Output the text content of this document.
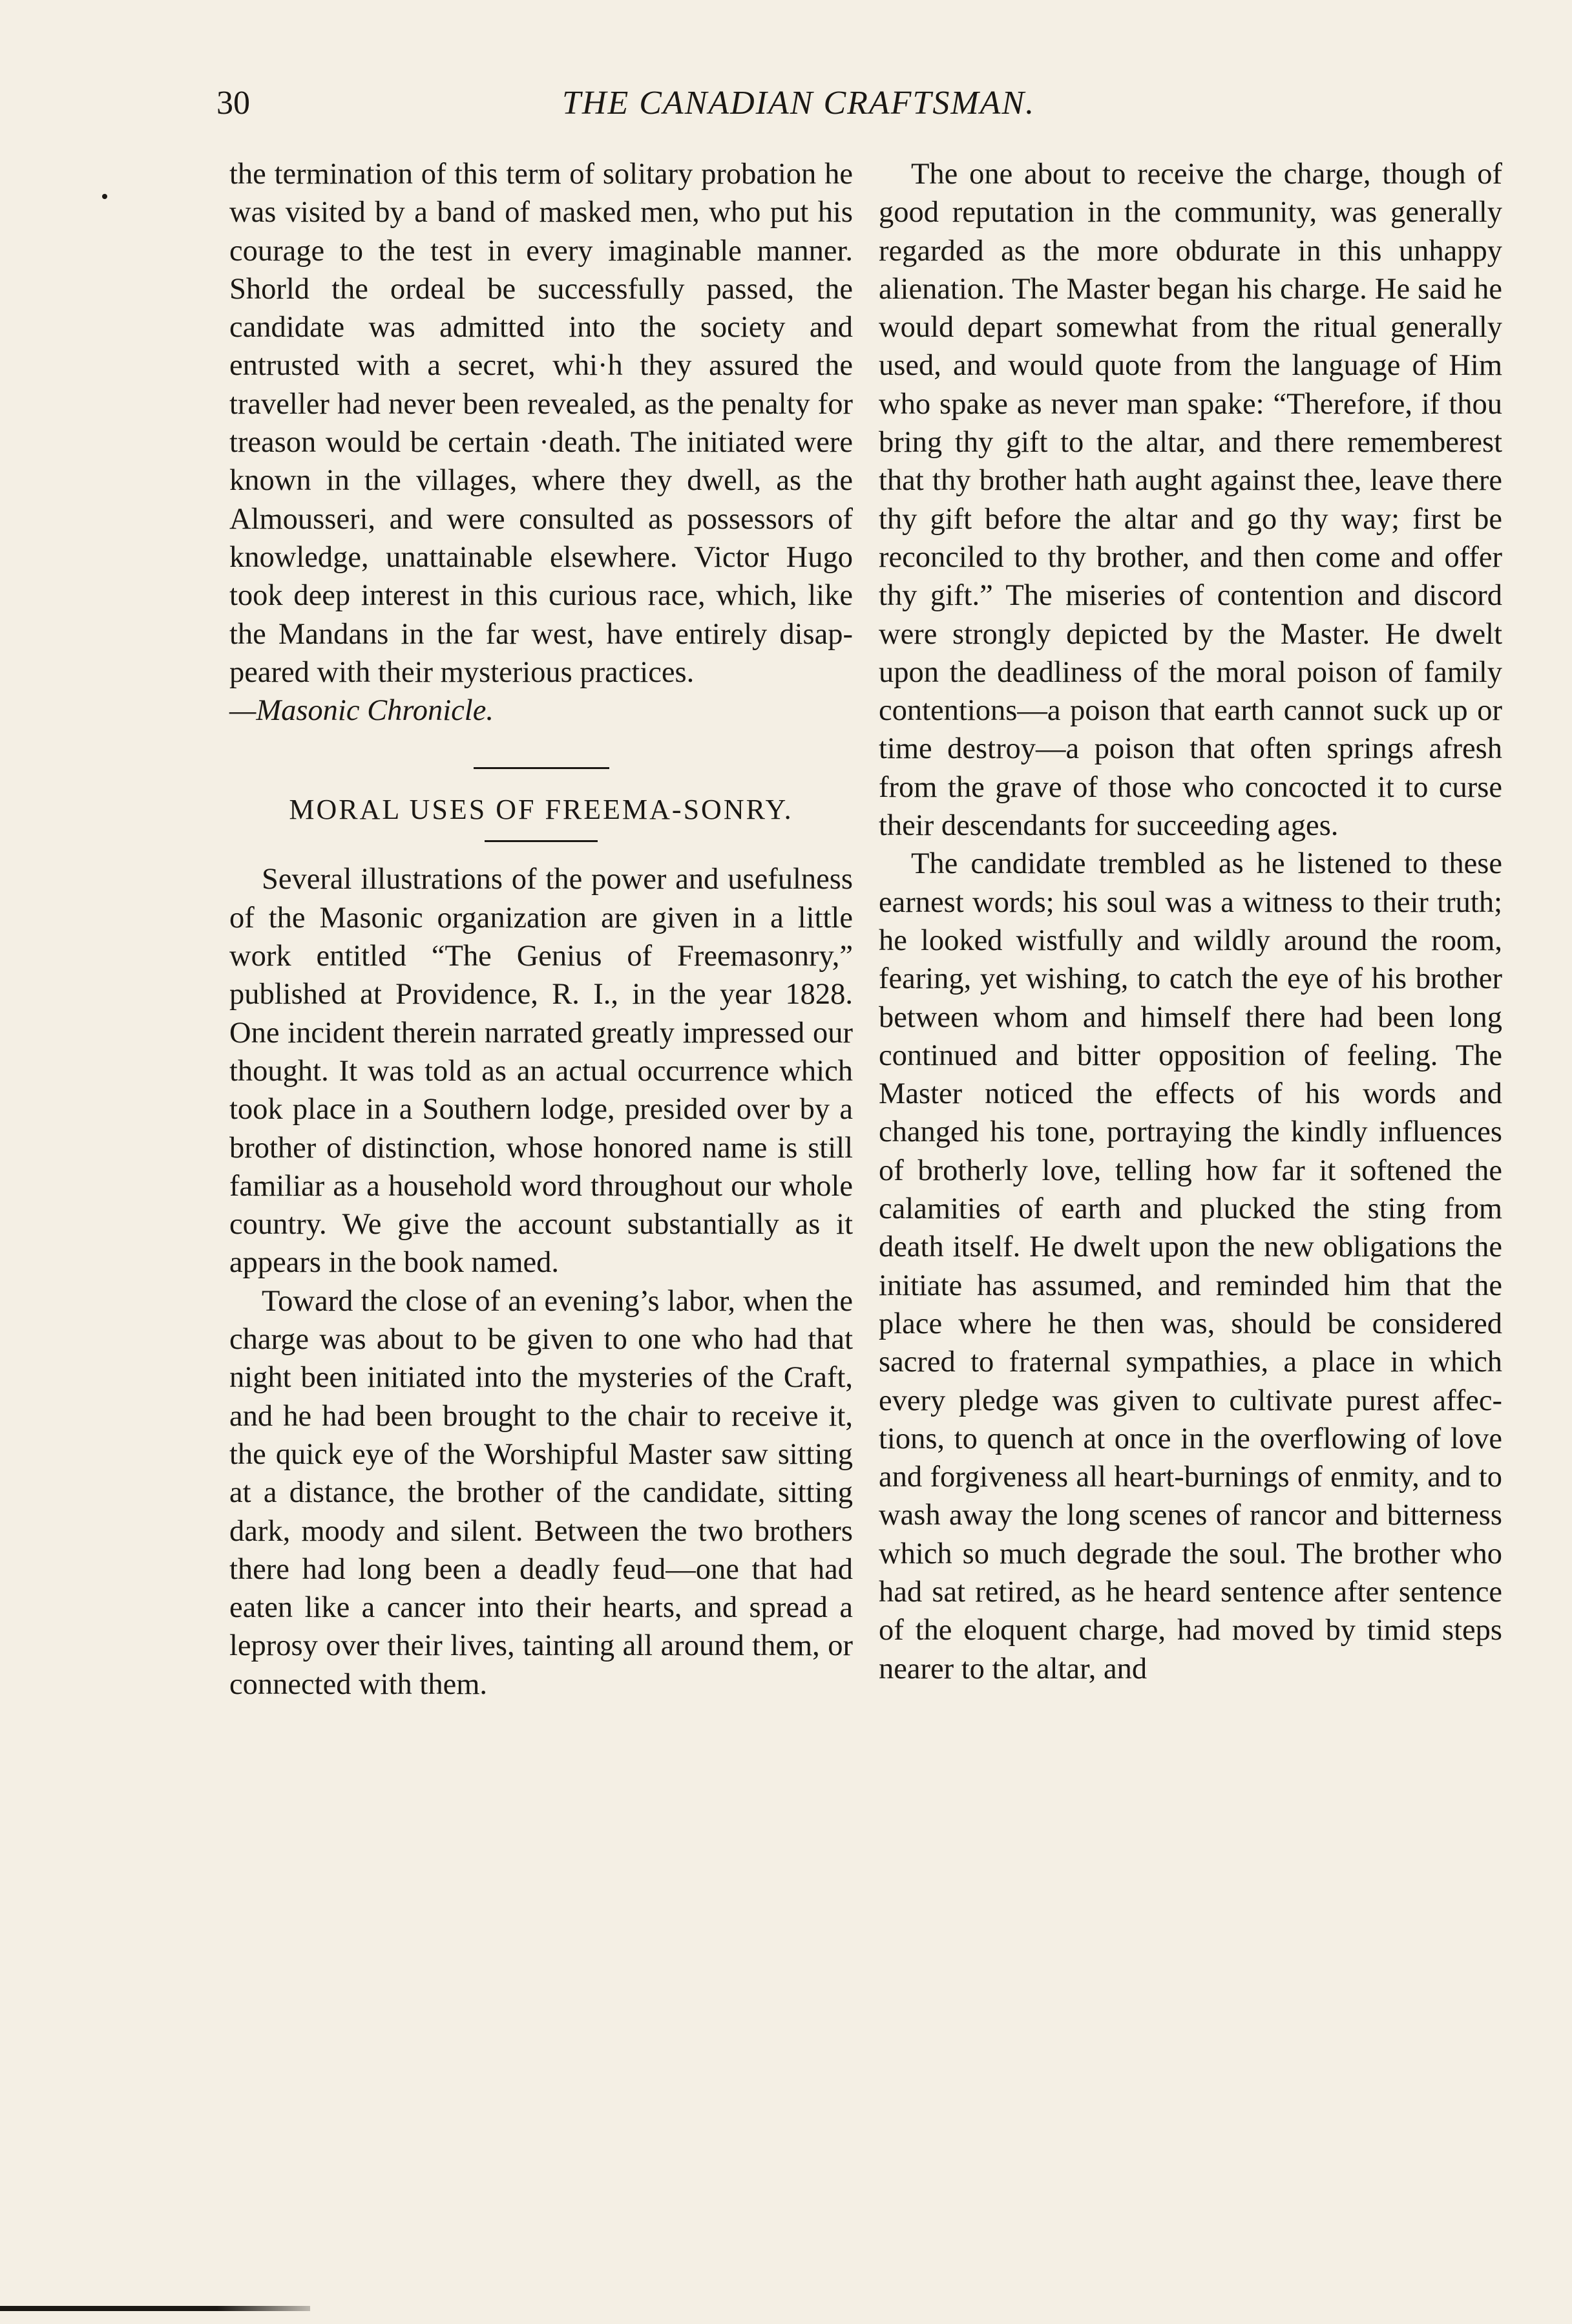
30	THE CANADIAN CRAFTSMAN.

the termination of this term of solitary probation he was visited by a band of masked men, who put his courage to the test in every imaginable manner. Shorld the ordeal be successfully passed, the candidate was admitted into the society and entrusted with a secret, whi·h they assured the traveller had never been revealed, as the penalty for treason would be certain ·death. The initiated were known in the villages, where they dwell, as the Almousseri, and were consulted as possessors of knowledge, unattainable elsewhere. Victor Hugo took deep interest in this curious race, which, like the Mandans in the far west, have entirely disappeared with their mysterious practices.

—Masonic Chronicle.

MORAL USES OF FREEMA-SONRY.

Several illustrations of the power and usefulness of the Masonic organization are given in a little work entitled “The Genius of Freemasonry,” published at Providence, R. I., in the year 1828. One incident therein narrated greatly impressed our thought. It was told as an actual occurrence which took place in a Southern lodge, presided over by a brother of distinction, whose honored name is still familiar as a household word throughout our whole country. We give the account substantially as it appears in the book named.

Toward the close of an evening’s labor, when the charge was about to be given to one who had that night been initiated into the mysteries of the Craft, and he had been brought to the chair to receive it, the quick eye of the Worshipful Master saw sitting at a distance, the brother of the candidate, sitting dark, moody and silent. Between the two brothers there had long been a deadly feud—one that had eaten like a cancer into their hearts, and spread a leprosy over their lives, tainting all around them, or connected with them.

The one about to receive the charge, though of good reputation in the community, was generally regarded as the more obdurate in this unhappy alienation. The Master began his charge. He said he would depart somewhat from the ritual generally used, and would quote from the language of Him who spake as never man spake: “Therefore, if thou bring thy gift to the altar, and there rememberest that thy brother hath aught against thee, leave there thy gift before the altar and go thy way; first be reconciled to thy brother, and then come and offer thy gift.” The miseries of contention and discord were strongly depicted by the Master. He dwelt upon the deadliness of the moral poison of family contentions—a poison that earth cannot suck up or time destroy—a poison that often springs afresh from the grave of those who concocted it to curse their descendants for succeeding ages.

The candidate trembled as he listened to these earnest words; his soul was a witness to their truth; he looked wistfully and wildly around the room, fearing, yet wishing, to catch the eye of his brother between whom and himself there had been long continued and bitter opposition of feeling. The Master noticed the effects of his words and changed his tone, portraying the kindly influences of brotherly love, telling how far it softened the calamities of earth and plucked the sting from death itself. He dwelt upon the new obligations the initiate has assumed, and reminded him that the place where he then was, should be considered sacred to fraternal sympathies, a place in which every pledge was given to cultivate purest affections, to quench at once in the overflowing of love and forgiveness all heart-burnings of enmity, and to wash away the long scenes of rancor and bitterness which so much degrade the soul. The brother who had sat retired, as he heard sentence after sentence of the eloquent charge, had moved by timid steps nearer to the altar, and
